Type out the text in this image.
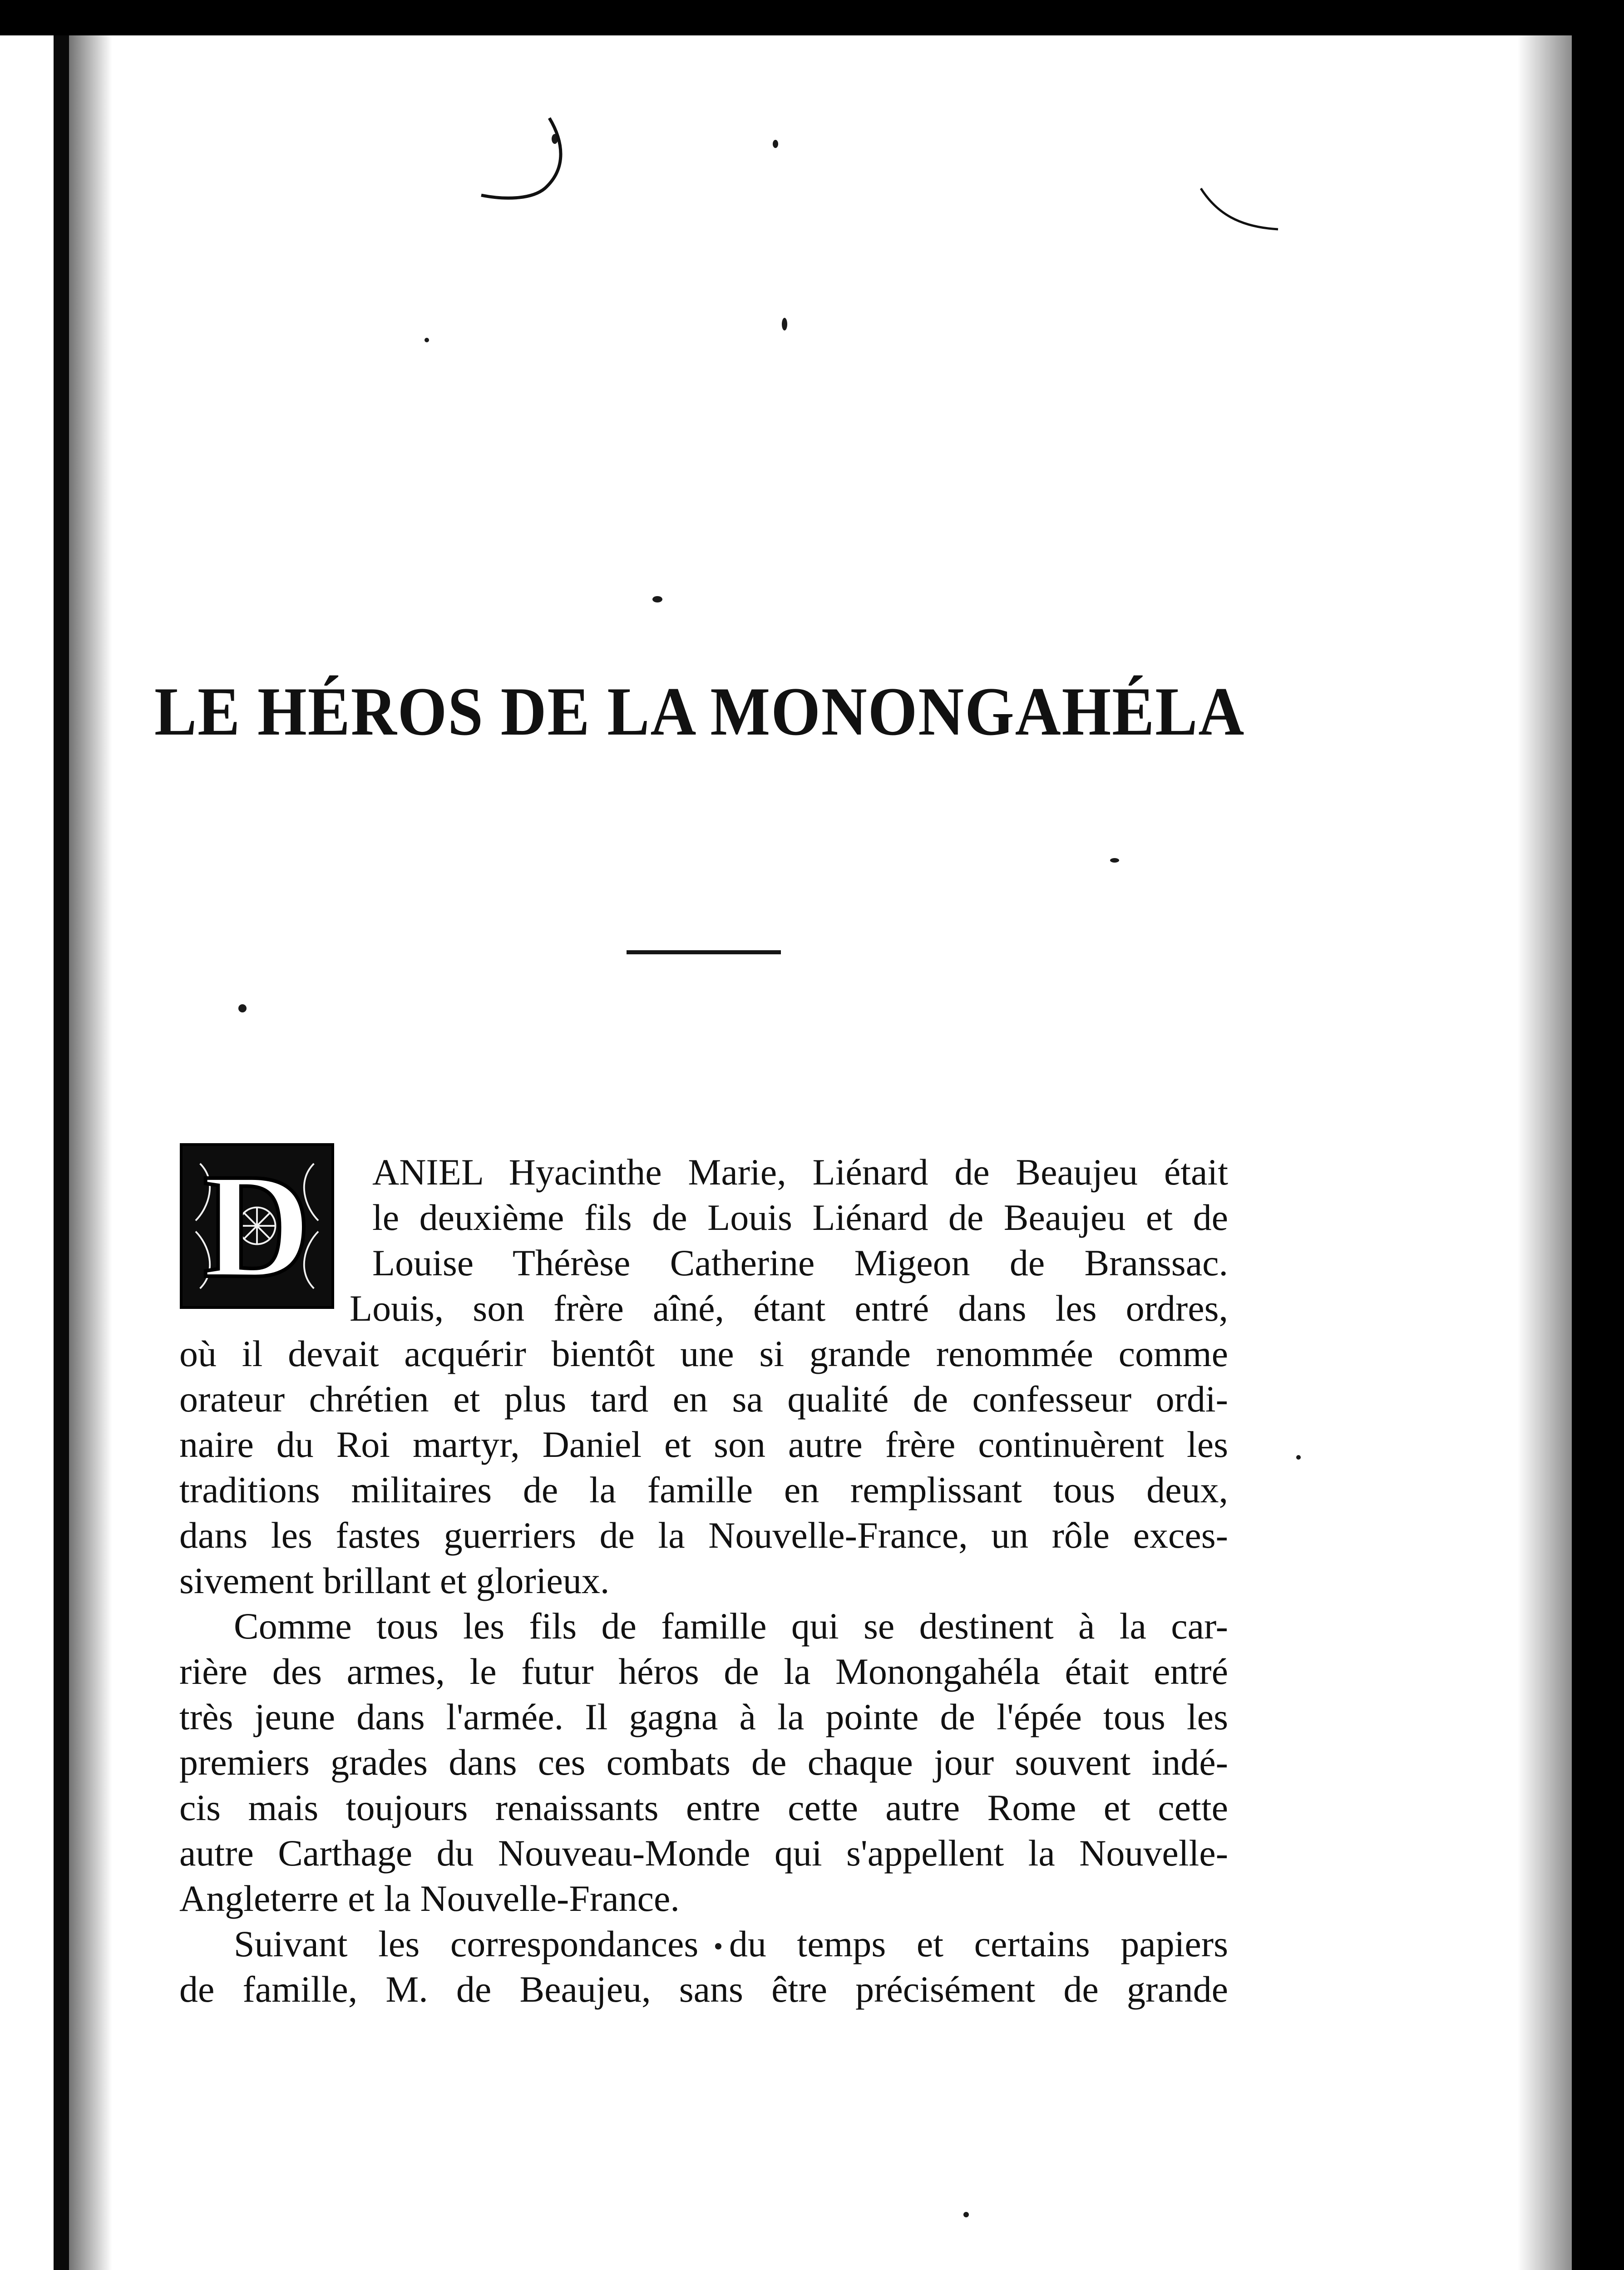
LE HÉROS DE LA MONONGAHÉLA
D	ANIEL Hyacinthe Marie, Liénard de Beaujeu était

le deuxième fils de Louis Liénard de Beaujeu et de

Louise Thérèse Catherine Migeon de Branssac.

Louis, son frère aîné, étant entré dans les ordres,

où il devait acquérir bientôt une si grande renommée comme

orateur chrétien et plus tard en sa qualité de confesseur ordi-

naire du Roi martyr, Daniel et son autre frère continuèrent les

traditions militaires de la famille en remplissant tous deux,

dans les fastes guerriers de la Nouvelle-France, un rôle exces-

sivement brillant et glorieux.

Comme tous les fils de famille qui se destinent à la car-

rière des armes, le futur héros de la Monongahéla était entré

très jeune dans l'armée. Il gagna à la pointe de l'épée tous les

premiers grades dans ces combats de chaque jour souvent indé-

cis mais toujours renaissants entre cette autre Rome et cette

autre Carthage du Nouveau-Monde qui s'appellent la Nouvelle-

Angleterre et la Nouvelle-France.

Suivant les correspondances du temps et certains papiers

de famille, M. de Beaujeu, sans être précisément de grande
